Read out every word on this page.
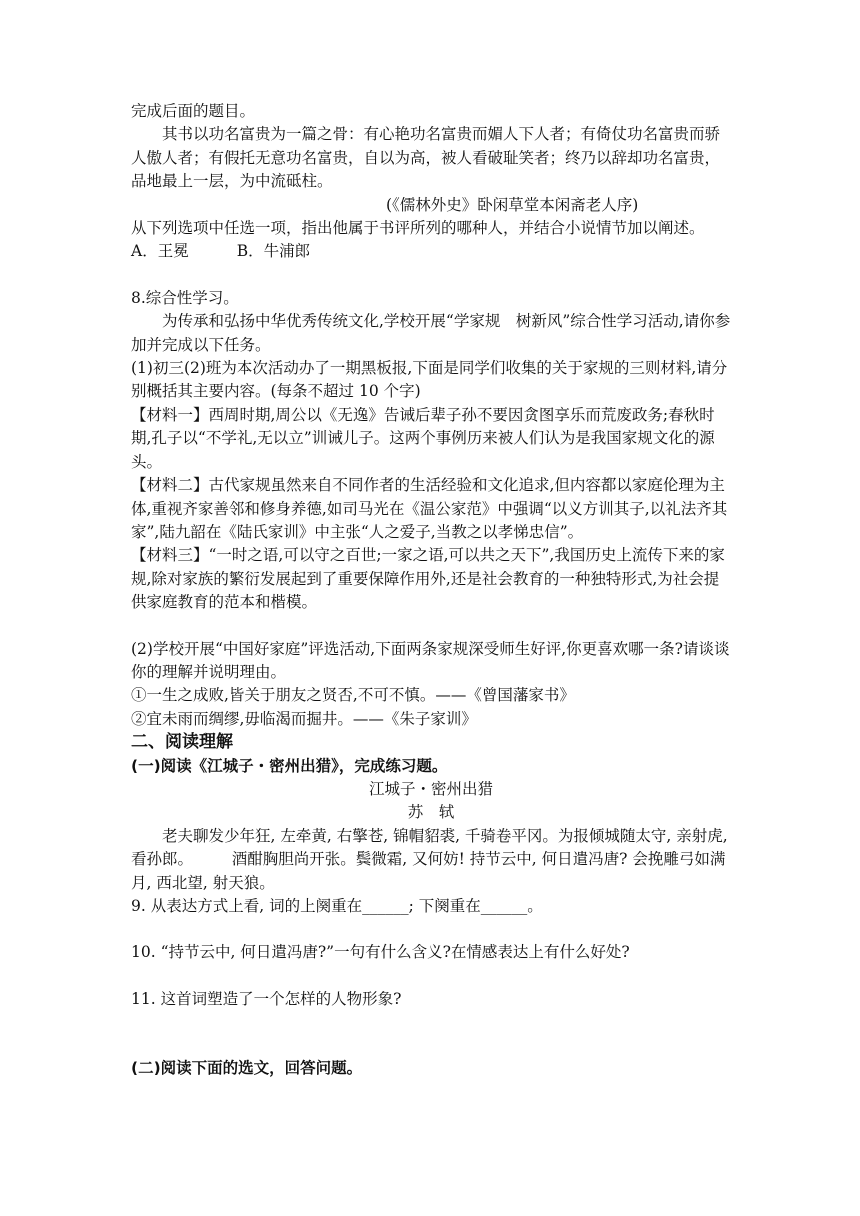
完成后面的题目。

其书以功名富贵为一篇之骨：有心艳功名富贵而媚人下人者；有倚仗功名富贵而骄人傲人者；有假托无意功名富贵，自以为高，被人看破耻笑者；终乃以辞却功名富贵，品地最上一层，为中流砥柱。

(《儒林外史》卧闲草堂本闲斋老人序)

从下列选项中任选一项，指出他属于书评所列的哪种人，并结合小说情节加以阐述。

A．王冕	B．牛浦郎

8.综合性学习。

为传承和弘扬中华优秀传统文化,学校开展“学家规　树新风”综合性学习活动,请你参加并完成以下任务。

(1)初三(2)班为本次活动办了一期黑板报,下面是同学们收集的关于家规的三则材料,请分别概括其主要内容。(每条不超过 10 个字)

【材料一】西周时期,周公以《无逸》告诫后辈子孙不要因贪图享乐而荒废政务;春秋时期,孔子以“不学礼,无以立”训诫儿子。这两个事例历来被人们认为是我国家规文化的源头。

【材料二】古代家规虽然来自不同作者的生活经验和文化追求,但内容都以家庭伦理为主体,重视齐家善邻和修身养德,如司马光在《温公家范》中强调“以义方训其子,以礼法齐其家”,陆九韶在《陆氏家训》中主张“人之爱子,当教之以孝悌忠信”。

【材料三】“一时之语,可以守之百世;一家之语,可以共之天下”,我国历史上流传下来的家规,除对家族的繁衍发展起到了重要保障作用外,还是社会教育的一种独特形式,为社会提供家庭教育的范本和楷模。

(2)学校开展“中国好家庭”评选活动,下面两条家规深受师生好评,你更喜欢哪一条?请谈谈你的理解并说明理由。

①一生之成败,皆关于朋友之贤否,不可不慎。——《曾国藩家书》

②宜未雨而绸缪,毋临渴而掘井。——《朱子家训》

二、阅读理解

(一)阅读《江城子・密州出猎》，完成练习题。

江城子・密州出猎

苏　轼

老夫聊发少年狂, 左牵黄, 右擎苍, 锦帽貂裘, 千骑卷平冈。为报倾城随太守, 亲射虎, 看孙郎。　　　	酒酣胸胆尚开张。鬓微霜, 又何妨! 持节云中, 何日遣冯唐? 会挽雕弓如满月, 西北望, 射天狼。

9. 从表达方式上看, 词的上阕重在______; 下阕重在______。

10. “持节云中, 何日遣冯唐?”一句有什么含义?在情感表达上有什么好处?

11. 这首词塑造了一个怎样的人物形象?

(二)阅读下面的选文，回答问题。
